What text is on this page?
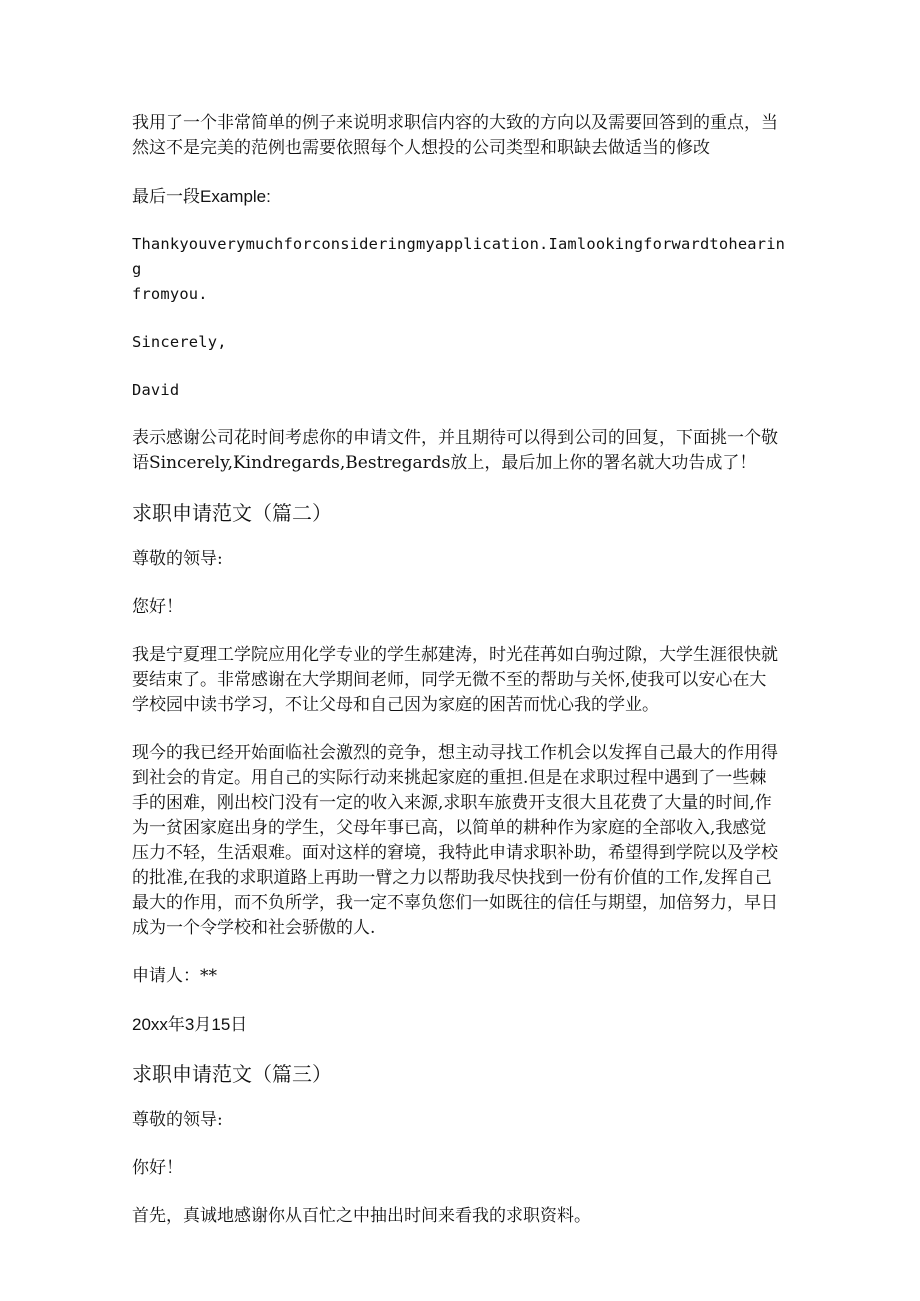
我用了一个非常简单的例子来说明求职信内容的大致的方向以及需要回答到的重点，当
然这不是完美的范例也需要依照每个人想投的公司类型和职缺去做适当的修改

最后一段Example:

Thankyouverymuchforconsideringmyapplication.Iamlookingforwardtohearing
fromyou.

Sincerely,

David

表示感谢公司花时间考虑你的申请文件，并且期待可以得到公司的回复，下面挑一个敬
语Sincerely,Kindregards,Bestregards放上，最后加上你的署名就大功告成了！

求职申请范文（篇二）

尊敬的领导:

您好！

我是宁夏理工学院应用化学专业的学生郝建涛，时光荏苒如白驹过隙，大学生涯很快就
要结束了。非常感谢在大学期间老师，同学无微不至的帮助与关怀,使我可以安心在大
学校园中读书学习，不让父母和自己因为家庭的困苦而忧心我的学业。

现今的我已经开始面临社会激烈的竞争，想主动寻找工作机会以发挥自己最大的作用得
到社会的肯定。用自己的实际行动来挑起家庭的重担.但是在求职过程中遇到了一些棘
手的困难，刚出校门没有一定的收入来源,求职车旅费开支很大且花费了大量的时间,作
为一贫困家庭出身的学生，父母年事已高，以简单的耕种作为家庭的全部收入,我感觉
压力不轻，生活艰难。面对这样的窘境，我特此申请求职补助，希望得到学院以及学校
的批准,在我的求职道路上再助一臂之力以帮助我尽快找到一份有价值的工作,发挥自己
最大的作用，而不负所学，我一定不辜负您们一如既往的信任与期望，加倍努力，早日
成为一个令学校和社会骄傲的人.

申请人：**

20xx年3月15日

求职申请范文（篇三）

尊敬的领导:

你好！

首先，真诚地感谢你从百忙之中抽出时间来看我的求职资料。
